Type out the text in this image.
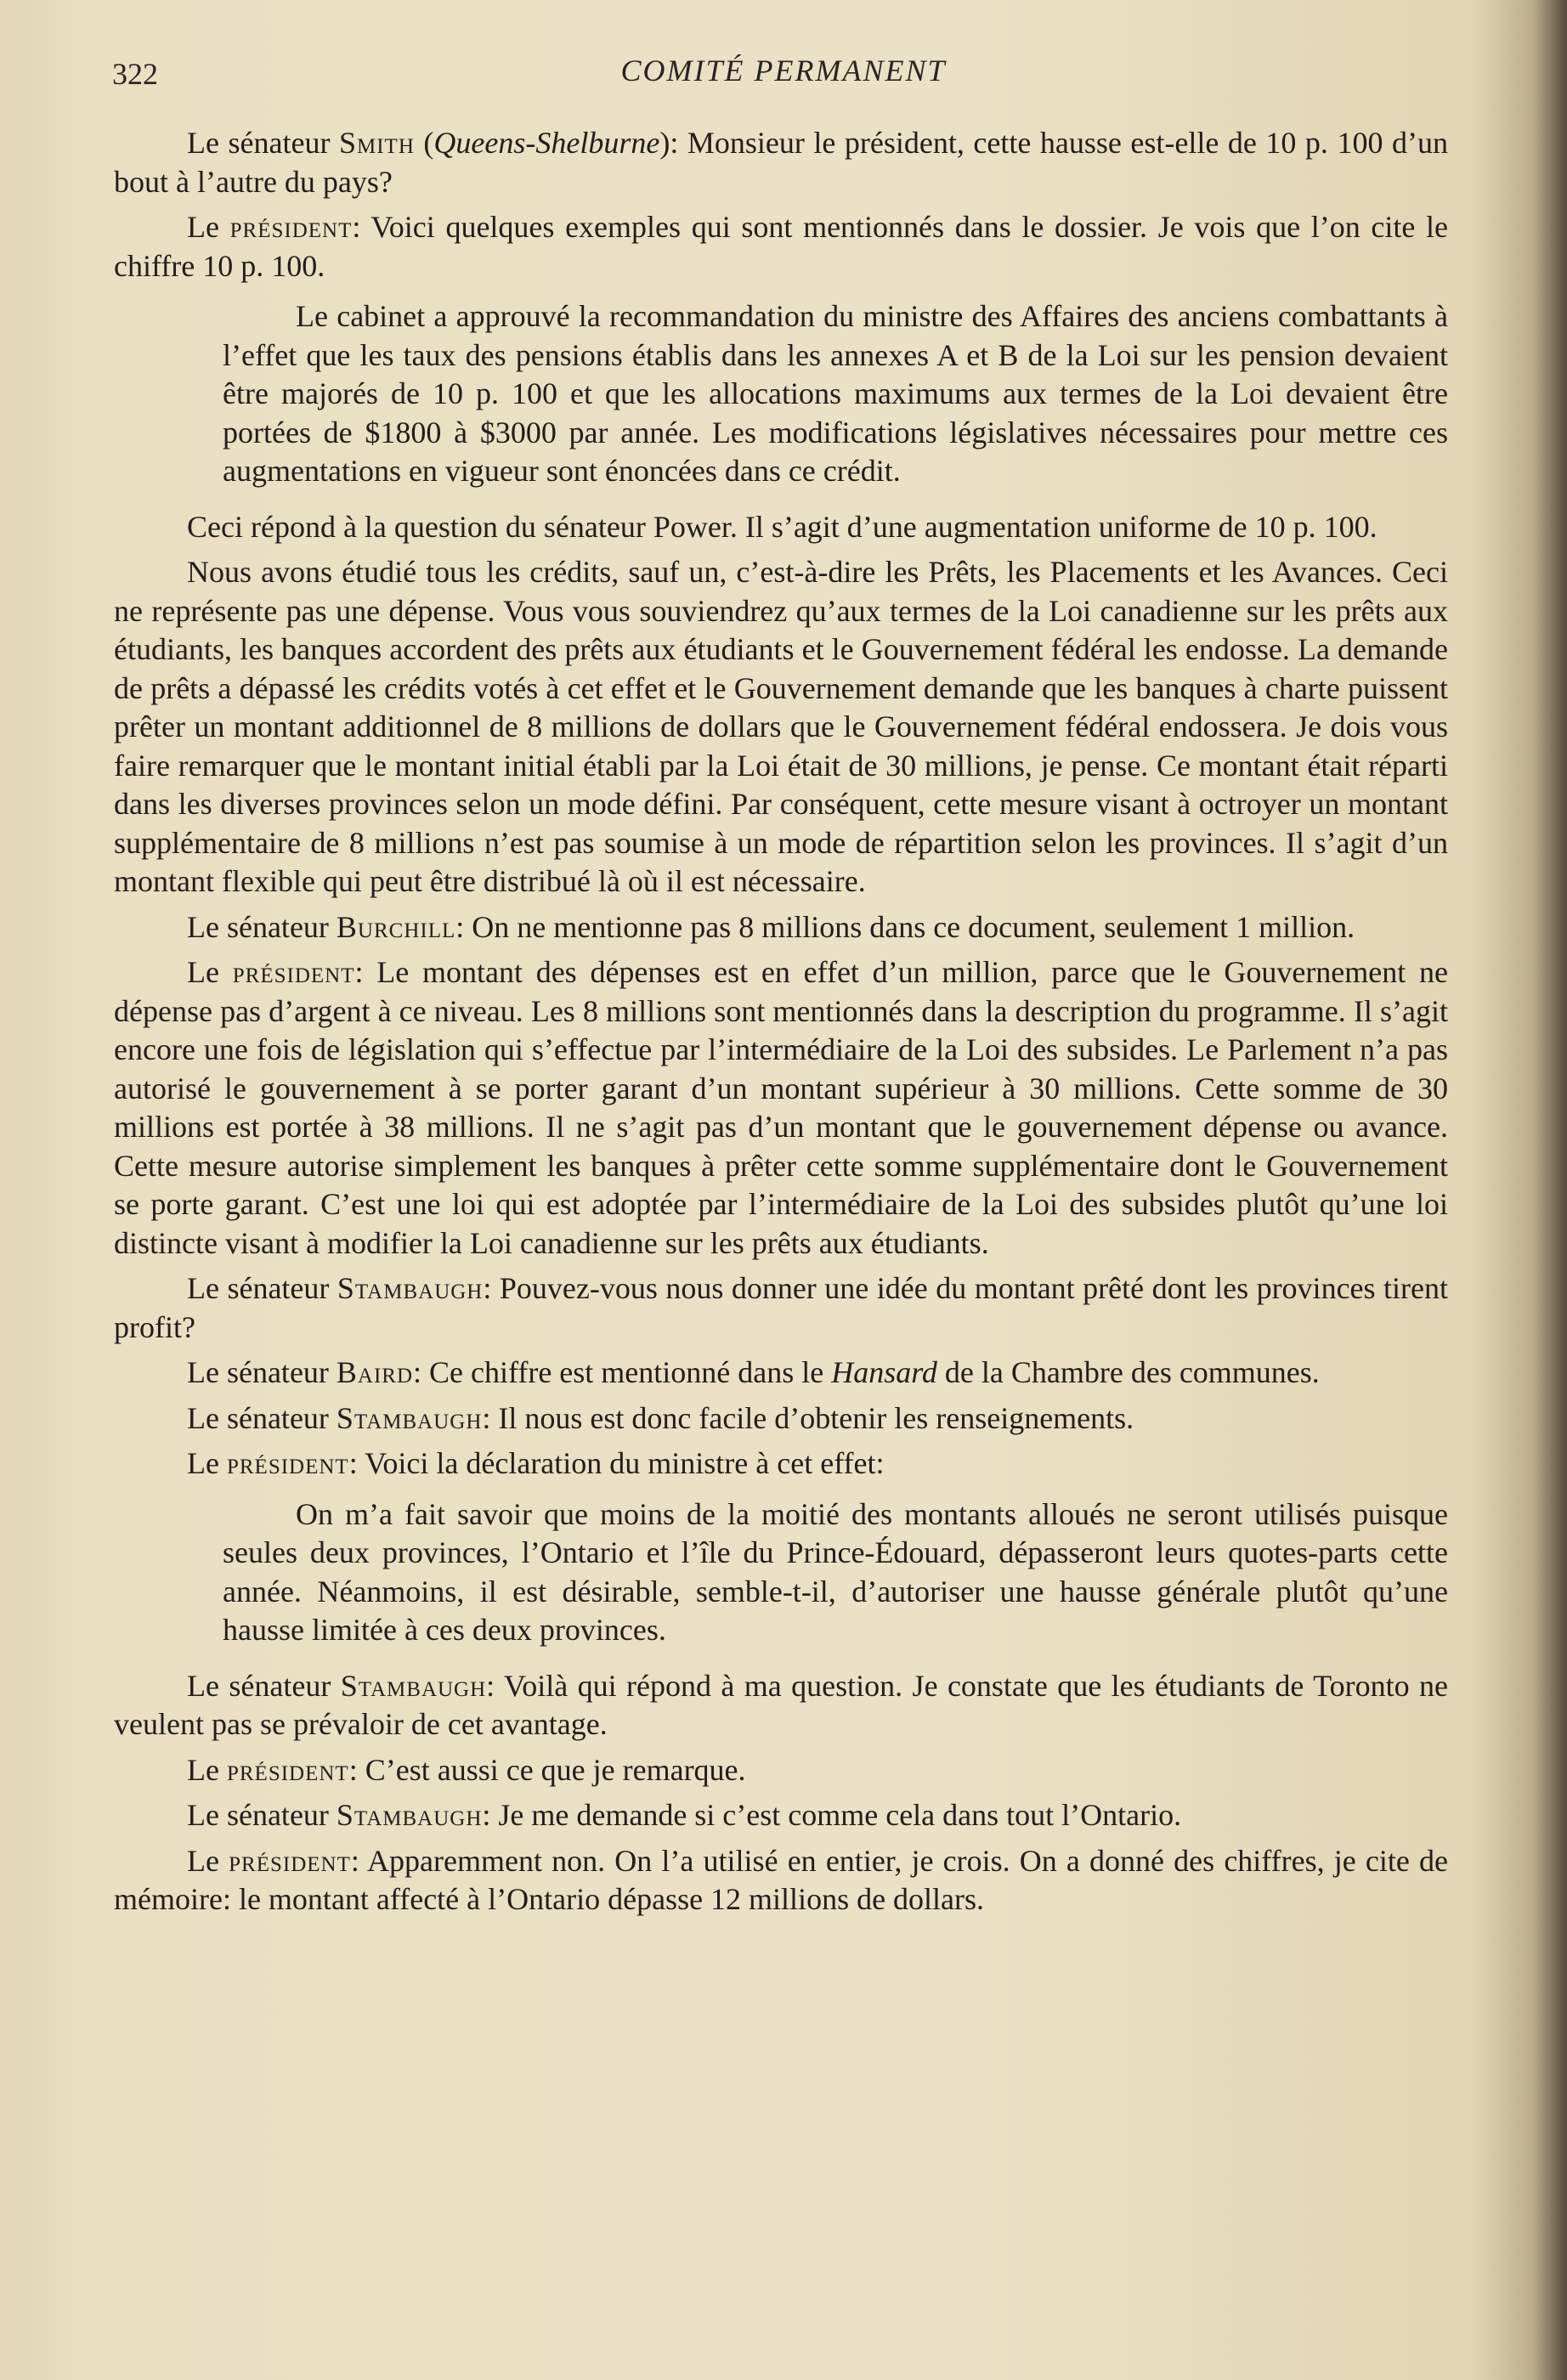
322	COMITÉ PERMANENT

Le sénateur Smith (Queens-Shelburne): Monsieur le président, cette hausse est-elle de 10 p. 100 d’un bout à l’autre du pays?

Le président: Voici quelques exemples qui sont mentionnés dans le dossier. Je vois que l’on cite le chiffre 10 p. 100.

Le cabinet a approuvé la recommandation du ministre des Affaires des anciens combattants à l’effet que les taux des pensions établis dans les annexes A et B de la Loi sur les pension devaient être majorés de 10 p. 100 et que les allocations maximums aux termes de la Loi devaient être portées de $1800 à $3000 par année. Les modifications législatives nécessaires pour mettre ces augmentations en vigueur sont énoncées dans ce crédit.

Ceci répond à la question du sénateur Power. Il s’agit d’une augmentation uniforme de 10 p. 100.

Nous avons étudié tous les crédits, sauf un, c’est-à-dire les Prêts, les Placements et les Avances. Ceci ne représente pas une dépense. Vous vous souviendrez qu’aux termes de la Loi canadienne sur les prêts aux étudiants, les banques accordent des prêts aux étudiants et le Gouvernement fédéral les endosse. La demande de prêts a dépassé les crédits votés à cet effet et le Gouvernement demande que les banques à charte puissent prêter un montant additionnel de 8 millions de dollars que le Gouvernement fédéral endossera. Je dois vous faire remarquer que le montant initial établi par la Loi était de 30 millions, je pense. Ce montant était réparti dans les diverses provinces selon un mode défini. Par conséquent, cette mesure visant à octroyer un montant supplémentaire de 8 millions n’est pas soumise à un mode de répartition selon les provinces. Il s’agit d’un montant flexible qui peut être distribué là où il est nécessaire.

Le sénateur Burchill: On ne mentionne pas 8 millions dans ce document, seulement 1 million.

Le président: Le montant des dépenses est en effet d’un million, parce que le Gouvernement ne dépense pas d’argent à ce niveau. Les 8 millions sont mentionnés dans la description du programme. Il s’agit encore une fois de législation qui s’effectue par l’intermédiaire de la Loi des subsides. Le Parlement n’a pas autorisé le gouvernement à se porter garant d’un montant supérieur à 30 millions. Cette somme de 30 millions est portée à 38 millions. Il ne s’agit pas d’un montant que le gouvernement dépense ou avance. Cette mesure autorise simplement les banques à prêter cette somme supplémentaire dont le Gouvernement se porte garant. C’est une loi qui est adoptée par l’intermédiaire de la Loi des subsides plutôt qu’une loi distincte visant à modifier la Loi canadienne sur les prêts aux étudiants.

Le sénateur Stambaugh: Pouvez-vous nous donner une idée du montant prêté dont les provinces tirent profit?

Le sénateur Baird: Ce chiffre est mentionné dans le Hansard de la Chambre des communes.

Le sénateur Stambaugh: Il nous est donc facile d’obtenir les renseignements.

Le président: Voici la déclaration du ministre à cet effet:

On m’a fait savoir que moins de la moitié des montants alloués ne seront utilisés puisque seules deux provinces, l’Ontario et l’île du Prince-Édouard, dépasseront leurs quotes-parts cette année. Néanmoins, il est désirable, semble-t-il, d’autoriser une hausse générale plutôt qu’une hausse limitée à ces deux provinces.

Le sénateur Stambaugh: Voilà qui répond à ma question. Je constate que les étudiants de Toronto ne veulent pas se prévaloir de cet avantage.

Le président: C’est aussi ce que je remarque.

Le sénateur Stambaugh: Je me demande si c’est comme cela dans tout l’Ontario.

Le président: Apparemment non. On l’a utilisé en entier, je crois. On a donné des chiffres, je cite de mémoire: le montant affecté à l’Ontario dépasse 12 millions de dollars.
